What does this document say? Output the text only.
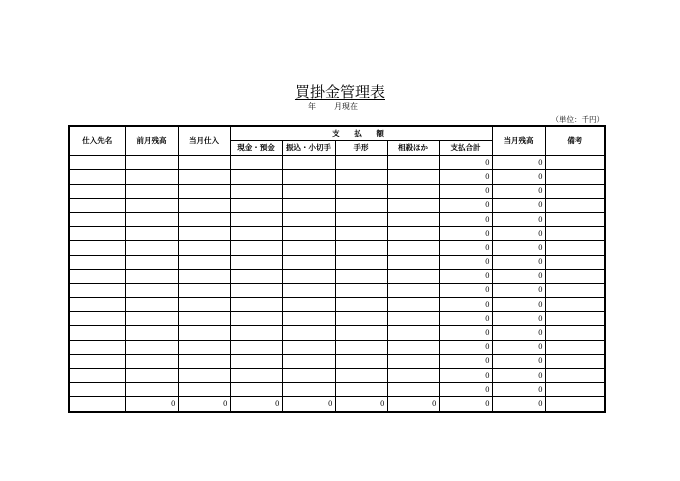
買掛金管理表
年 月現在
（単位：千円）
仕入先名	前月残高	当月仕入	支 払 額					当月残高	備考
			現金・預金	振込・小切手	手形	相殺ほか	支払合計		
							0	0	
							0	0	
							0	0	
							0	0	
							0	0	
							0	0	
							0	0	
							0	0	
							0	0	
							0	0	
							0	0	
							0	0	
							0	0	
							0	0	
							0	0	
							0	0	
							0	0	
	0	0	0	0	0	0	0	0	
